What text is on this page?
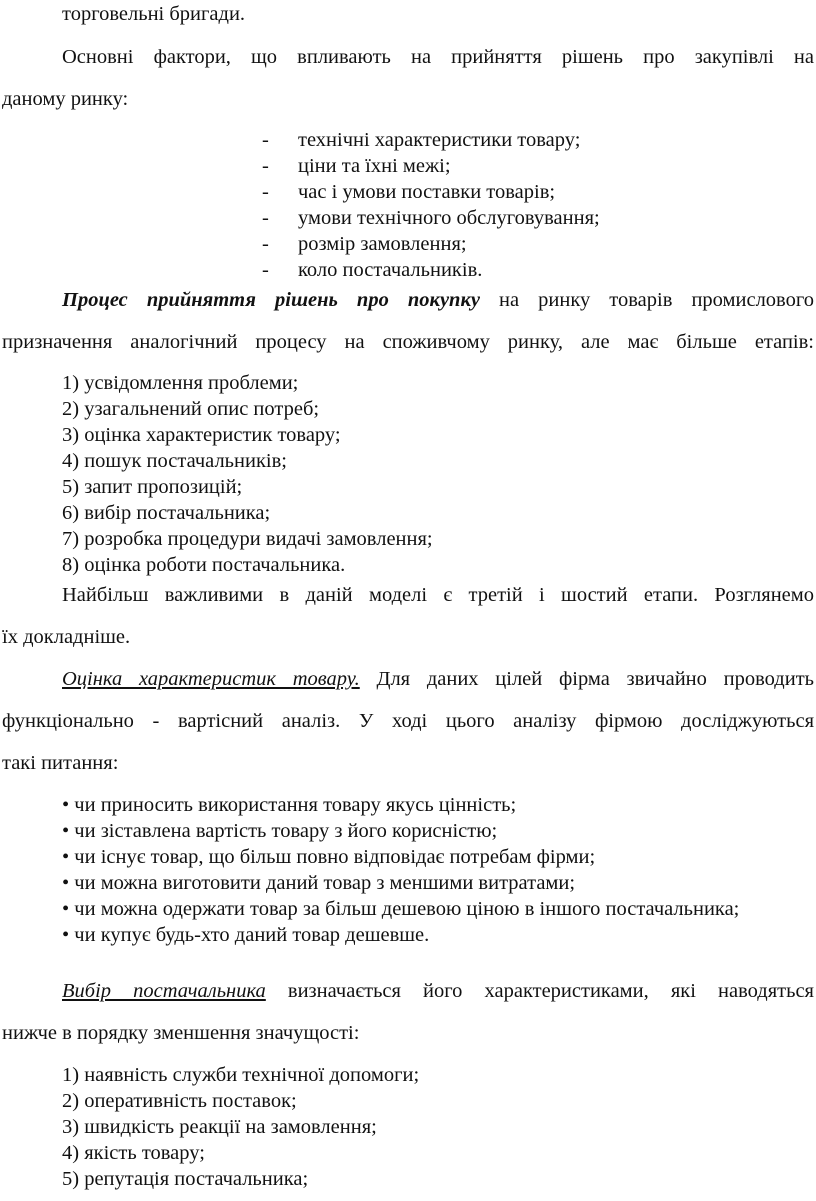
торговельні бригади.
Основні фактори, що впливають на прийняття рішень про закупівлі на
даному ринку:
- технічні характеристики товару;
- ціни та їхні межі;
- час і умови поставки товарів;
- умови технічного обслуговування;
- розмір замовлення;
- коло постачальників.
Процес прийняття рішень про покупку на ринку товарів промислового
призначення аналогічний процесу на споживчому ринку, але має більше етапів:
1) усвідомлення проблеми;
2) узагальнений опис потреб;
3) оцінка характеристик товару;
4) пошук постачальників;
5) запит пропозицій;
6) вибір постачальника;
7) розробка процедури видачі замовлення;
8) оцінка роботи постачальника.
Найбільш важливими в даній моделі є третій і шостий етапи. Розглянемо
їх докладніше.
Оцінка характеристик товару. Для даних цілей фірма звичайно проводить
функціонально - вартісний аналіз. У ході цього аналізу фірмою досліджуються
такі питання:
• чи приносить використання товару якусь цінність;
• чи зіставлена вартість товару з його корисністю;
• чи існує товар, що більш повно відповідає потребам фірми;
• чи можна виготовити даний товар з меншими витратами;
• чи можна одержати товар за більш дешевою ціною в іншого постачальника;
• чи купує будь-хто даний товар дешевше.
Вибір постачальника визначається його характеристиками, які наводяться
нижче в порядку зменшення значущості:
1) наявність служби технічної допомоги;
2) оперативність поставок;
3) швидкість реакції на замовлення;
4) якість товару;
5) репутація постачальника;
